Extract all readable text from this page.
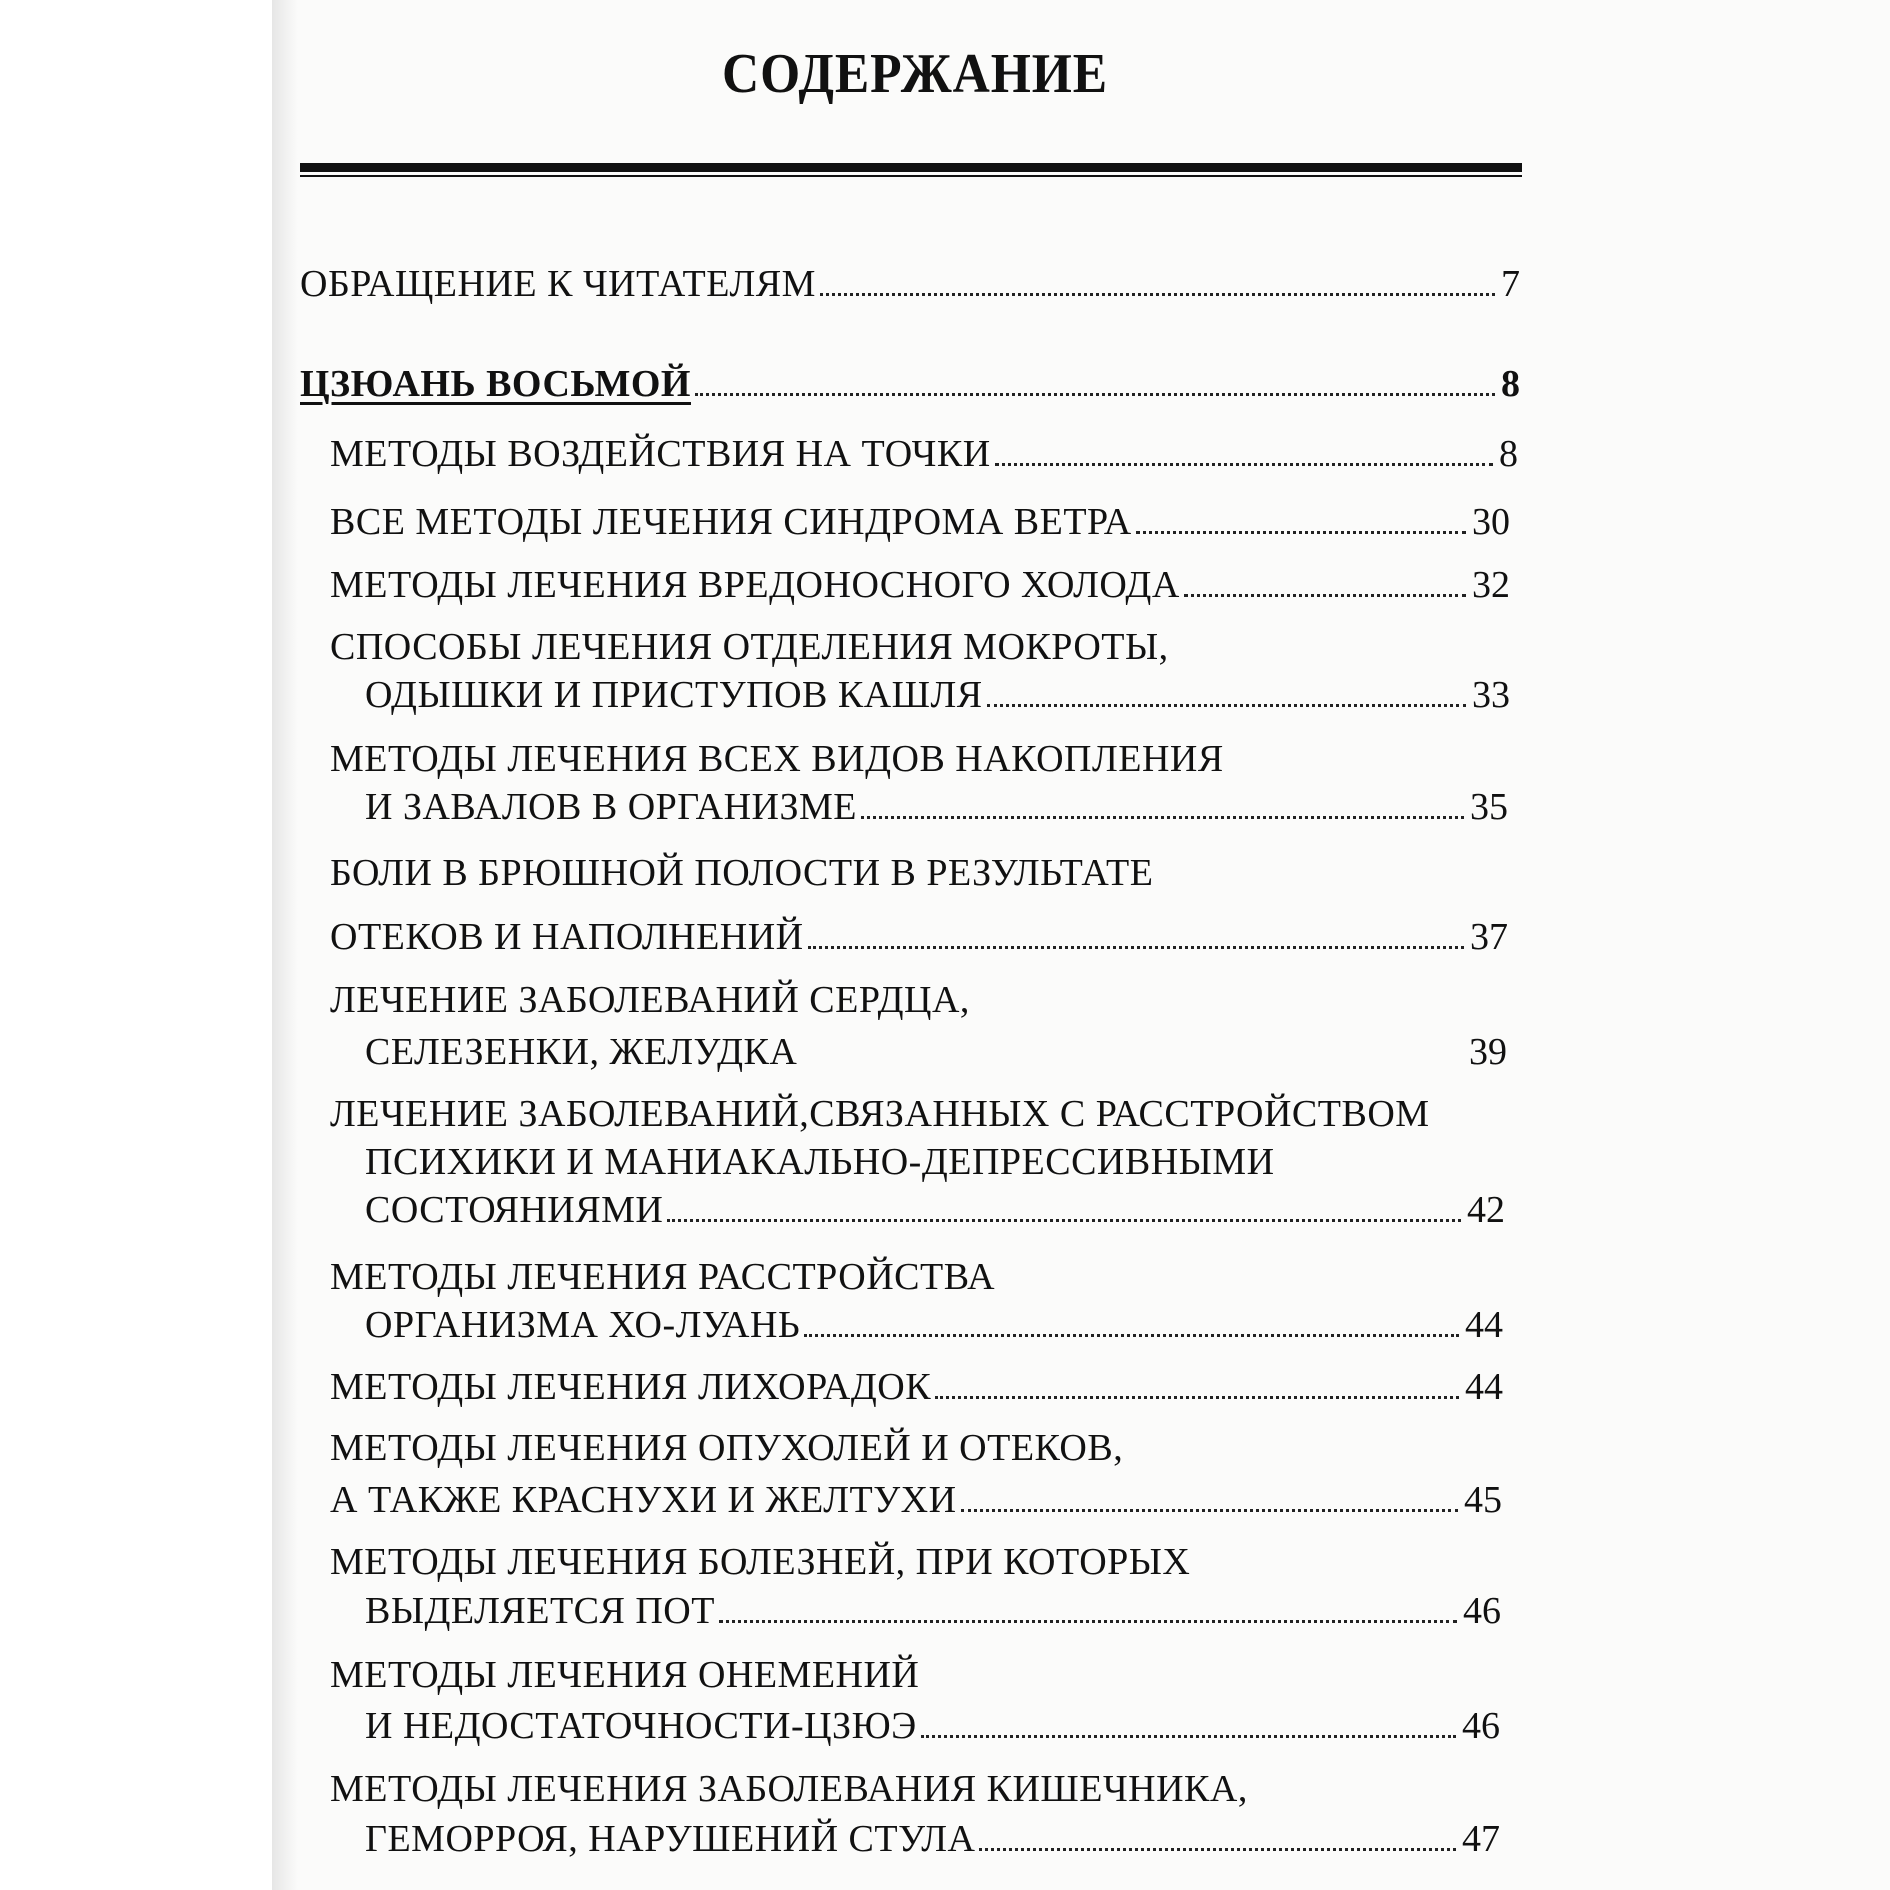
СОДЕРЖАНИЕ
ОБРАЩЕНИЕ К ЧИТАТЕЛЯМ	7
ЦЗЮАНЬ ВОСЬМОЙ	8
МЕТОДЫ ВОЗДЕЙСТВИЯ НА ТОЧКИ	8
ВСЕ МЕТОДЫ ЛЕЧЕНИЯ СИНДРОМА ВЕТРА	30
МЕТОДЫ ЛЕЧЕНИЯ ВРЕДОНОСНОГО ХОЛОДА	32
СПОСОБЫ ЛЕЧЕНИЯ ОТДЕЛЕНИЯ МОКРОТЫ,
ОДЫШКИ И ПРИСТУПОВ КАШЛЯ	33
МЕТОДЫ ЛЕЧЕНИЯ ВСЕХ ВИДОВ НАКОПЛЕНИЯ
И ЗАВАЛОВ В ОРГАНИЗМЕ	35
БОЛИ В БРЮШНОЙ ПОЛОСТИ В РЕЗУЛЬТАТЕ
ОТЕКОВ И НАПОЛНЕНИЙ	37
ЛЕЧЕНИЕ ЗАБОЛЕВАНИЙ СЕРДЦА,
СЕЛЕЗЕНКИ, ЖЕЛУДКА	39
ЛЕЧЕНИЕ ЗАБОЛЕВАНИЙ,СВЯЗАННЫХ С РАССТРОЙСТВОМ
ПСИХИКИ И МАНИАКАЛЬНО-ДЕПРЕССИВНЫМИ
СОСТОЯНИЯМИ	42
МЕТОДЫ ЛЕЧЕНИЯ РАССТРОЙСТВА
ОРГАНИЗМА ХО-ЛУАНЬ	44
МЕТОДЫ ЛЕЧЕНИЯ ЛИХОРАДОК	44
МЕТОДЫ ЛЕЧЕНИЯ ОПУХОЛЕЙ И ОТЕКОВ,
А ТАКЖЕ КРАСНУХИ И ЖЕЛТУХИ	45
МЕТОДЫ ЛЕЧЕНИЯ БОЛЕЗНЕЙ, ПРИ КОТОРЫХ
ВЫДЕЛЯЕТСЯ ПОТ	46
МЕТОДЫ ЛЕЧЕНИЯ ОНЕМЕНИЙ
И НЕДОСТАТОЧНОСТИ-ЦЗЮЭ	46
МЕТОДЫ ЛЕЧЕНИЯ ЗАБОЛЕВАНИЯ КИШЕЧНИКА,
ГЕМОРРОЯ, НАРУШЕНИЙ СТУЛА	47
